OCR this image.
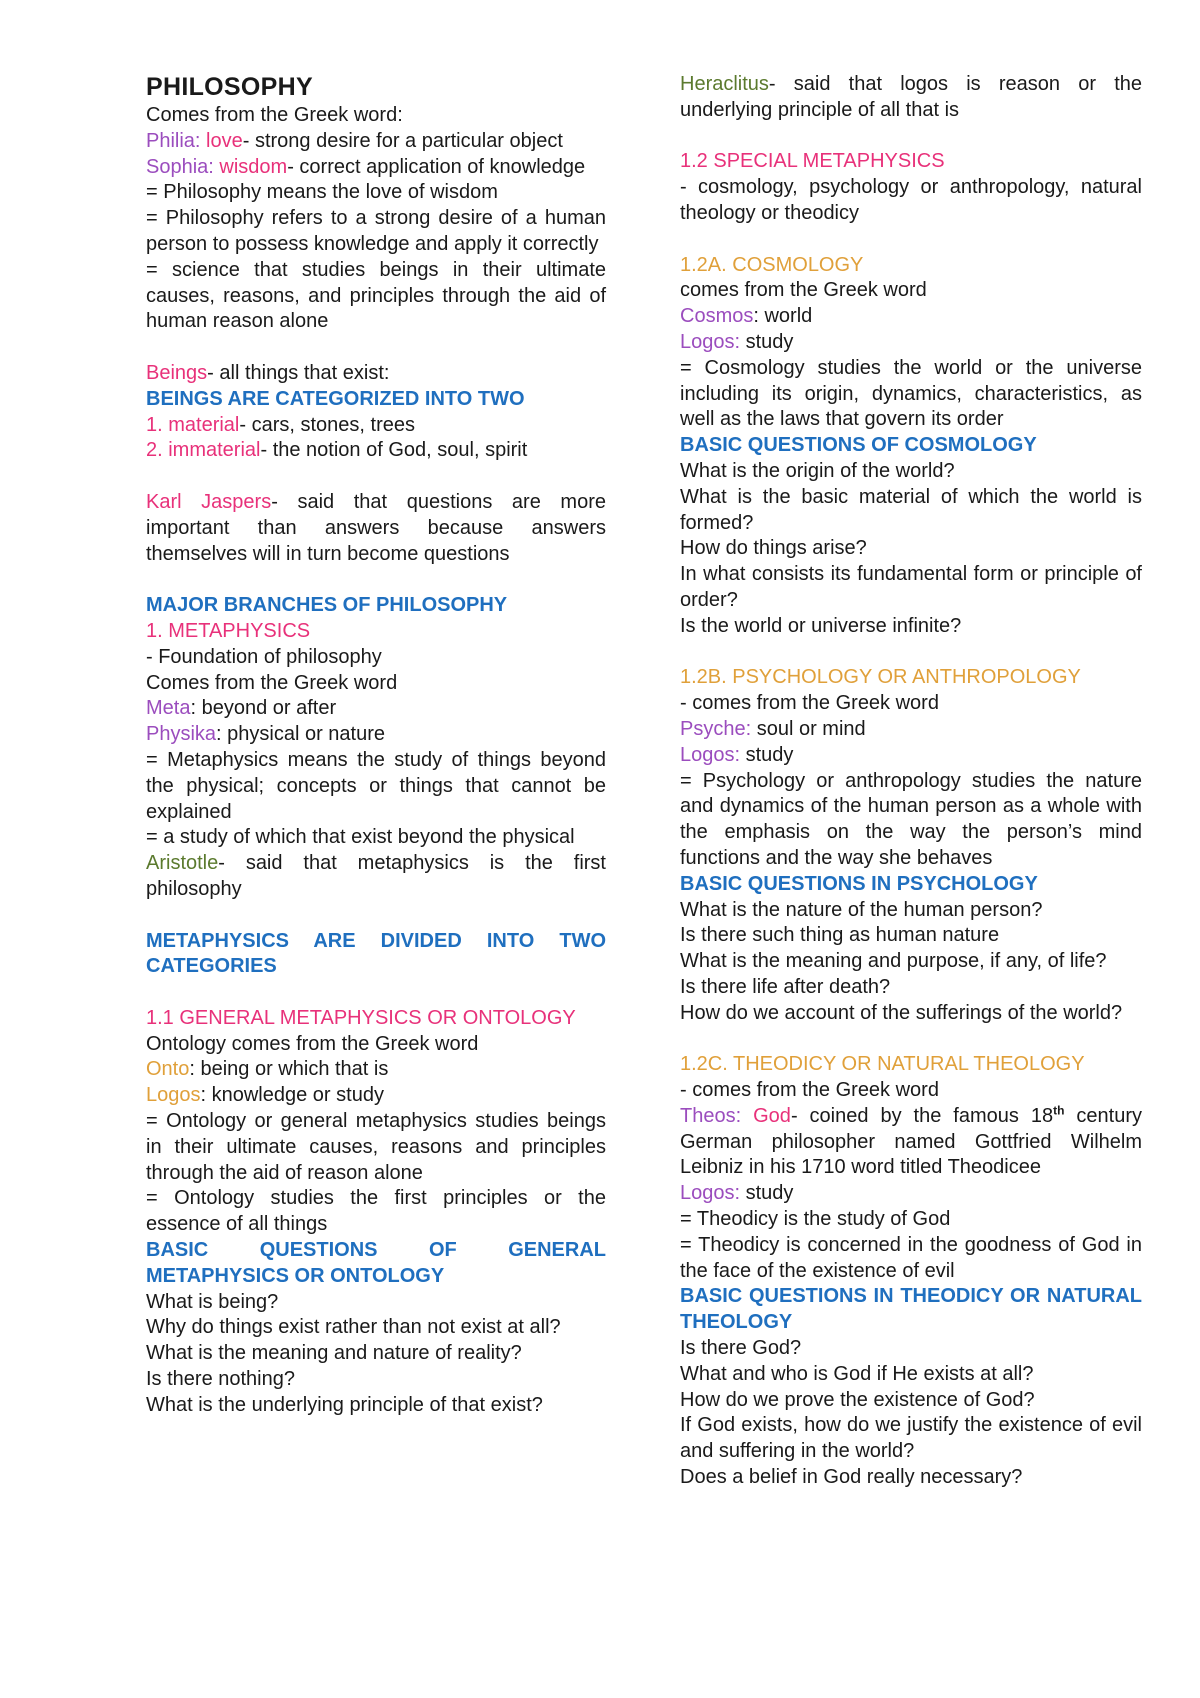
PHILOSOPHY

Comes from the Greek word:

Philia: love- strong desire for a particular object

Sophia: wisdom- correct application of knowledge

= Philosophy means the love of wisdom

= Philosophy refers to a strong desire of a human person to possess knowledge and apply it correctly

= science that studies beings in their ultimate causes, reasons, and principles through the aid of human reason alone

Beings- all things that exist:

BEINGS ARE CATEGORIZED INTO TWO

1. material- cars, stones, trees

2. immaterial- the notion of God, soul, spirit

Karl Jaspers- said that questions are more important than answers because answers themselves will in turn become questions

MAJOR BRANCHES OF PHILOSOPHY

1. METAPHYSICS

- Foundation of philosophy

Comes from the Greek word

Meta: beyond or after

Physika: physical or nature

= Metaphysics means the study of things beyond the physical; concepts or things that cannot be explained

= a study of which that exist beyond the physical

Aristotle- said that metaphysics is the first philosophy

METAPHYSICS ARE DIVIDED INTO TWO CATEGORIES

1.1 GENERAL METAPHYSICS OR ONTOLOGY

Ontology comes from the Greek word

Onto: being or which that is

Logos: knowledge or study

= Ontology or general metaphysics studies beings in their ultimate causes, reasons and principles through the aid of reason alone

= Ontology studies the first principles or the essence of all things

BASIC QUESTIONS OF GENERAL METAPHYSICS OR ONTOLOGY

What is being?

Why do things exist rather than not exist at all?

What is the meaning and nature of reality?

Is there nothing?

What is the underlying principle of that exist?

Heraclitus- said that logos is reason or the underlying principle of all that is

1.2 SPECIAL METAPHYSICS

- cosmology, psychology or anthropology, natural theology or theodicy

1.2A. COSMOLOGY

comes from the Greek word

Cosmos: world

Logos: study

= Cosmology studies the world or the universe including its origin, dynamics, characteristics, as well as the laws that govern its order

BASIC QUESTIONS OF COSMOLOGY

What is the origin of the world?

What is the basic material of which the world is formed?

How do things arise?

In what consists its fundamental form or principle of order?

Is the world or universe infinite?

1.2B. PSYCHOLOGY OR ANTHROPOLOGY

- comes from the Greek word

Psyche: soul or mind

Logos: study

= Psychology or anthropology studies the nature and dynamics of the human person as a whole with the emphasis on the way the person’s mind functions and the way she behaves

BASIC QUESTIONS IN PSYCHOLOGY

What is the nature of the human person?

Is there such thing as human nature

What is the meaning and purpose, if any, of life?

Is there life after death?

How do we account of the sufferings of the world?

1.2C. THEODICY OR NATURAL THEOLOGY

- comes from the Greek word

Theos: God- coined by the famous 18th century German philosopher named Gottfried Wilhelm Leibniz in his 1710 word titled Theodicee

Logos: study

= Theodicy is the study of God

= Theodicy is concerned in the goodness of God in the face of the existence of evil

BASIC QUESTIONS IN THEODICY OR NATURAL THEOLOGY

Is there God?

What and who is God if He exists at all?

How do we prove the existence of God?

If God exists, how do we justify the existence of evil and suffering in the world?

Does a belief in God really necessary?
